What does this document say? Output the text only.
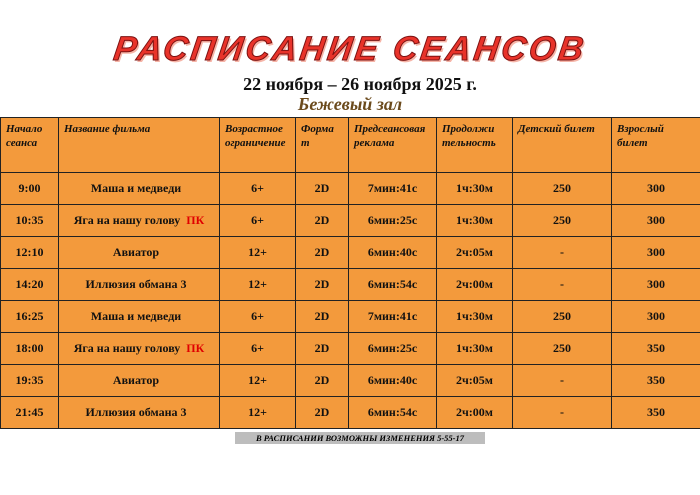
РАСПИСАНИЕ СЕАНСОВ
22 ноября – 26 ноября 2025 г.
Бежевый зал
Начало сеанса	Название фильма	Возрастное ограничение	Форма т	Предсеансовая реклама	Продолжи тельность	Детский билет	Взрослый билет
9:00	Маша и медведи	6+	2D	7мин:41с	1ч:30м	250	300
10:35	Яга на нашу голову ПК	6+	2D	6мин:25с	1ч:30м	250	300
12:10	Авиатор	12+	2D	6мин:40с	2ч:05м	-	300
14:20	Иллюзия обмана 3	12+	2D	6мин:54с	2ч:00м	-	300
16:25	Маша и медведи	6+	2D	7мин:41с	1ч:30м	250	300
18:00	Яга на нашу голову ПК	6+	2D	6мин:25с	1ч:30м	250	350
19:35	Авиатор	12+	2D	6мин:40с	2ч:05м	-	350
21:45	Иллюзия обмана 3	12+	2D	6мин:54с	2ч:00м	-	350
В РАСПИСАНИИ ВОЗМОЖНЫ ИЗМЕНЕНИЯ 5-55-17
